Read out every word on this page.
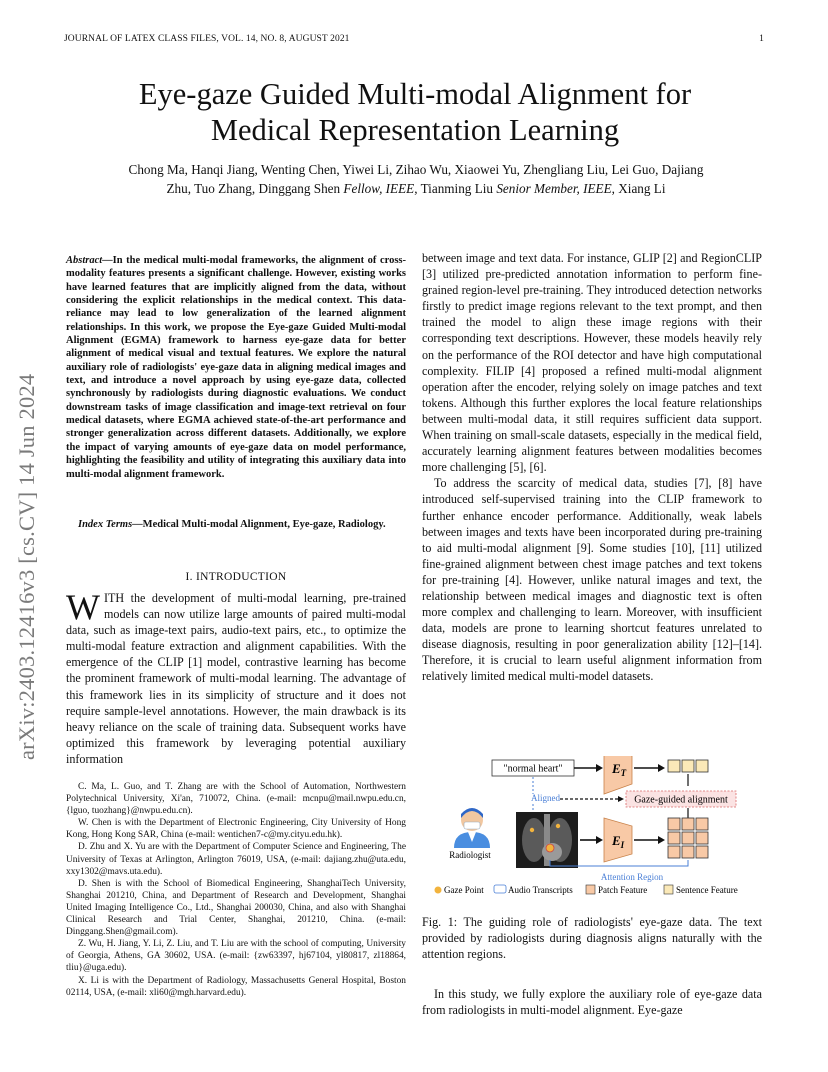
JOURNAL OF LATEX CLASS FILES, VOL. 14, NO. 8, AUGUST 2021	1
Eye-gaze Guided Multi-modal Alignment for
Medical Representation Learning
Chong Ma, Hanqi Jiang, Wenting Chen, Yiwei Li, Zihao Wu, Xiaowei Yu, Zhengliang Liu, Lei Guo, Dajiang
Zhu, Tuo Zhang, Dinggang Shen Fellow, IEEE, Tianming Liu Senior Member, IEEE, Xiang Li
arXiv:2403.12416v3 [cs.CV] 14 Jun 2024
Abstract—In the medical multi-modal frameworks, the alignment of cross-modality features presents a significant challenge. However, existing works have learned features that are implicitly aligned from the data, without considering the explicit relationships in the medical context. This data-reliance may lead to low generalization of the learned alignment relationships. In this work, we propose the Eye-gaze Guided Multi-modal Alignment (EGMA) framework to harness eye-gaze data for better alignment of medical visual and textual features. We explore the natural auxiliary role of radiologists' eye-gaze data in aligning medical images and text, and introduce a novel approach by using eye-gaze data, collected synchronously by radiologists during diagnostic evaluations. We conduct downstream tasks of image classification and image-text retrieval on four medical datasets, where EGMA achieved state-of-the-art performance and stronger generalization across different datasets. Additionally, we explore the impact of varying amounts of eye-gaze data on model performance, highlighting the feasibility and utility of integrating this auxiliary data into multi-modal alignment framework.
Index Terms—Medical Multi-modal Alignment, Eye-gaze, Radiology.
I. INTRODUCTION
WITH the development of multi-modal learning, pre-trained models can now utilize large amounts of paired multi-modal data, such as image-text pairs, audio-text pairs, etc., to optimize the multi-modal feature extraction and alignment capabilities. With the emergence of the CLIP [1] model, contrastive learning has become the prominent framework of multi-modal learning. The advantage of this framework lies in its simplicity of structure and it does not require sample-level annotations. However, the main drawback is its heavy reliance on the scale of training data. Subsequent works have optimized this framework by leveraging potential auxiliary information

C. Ma, L. Guo, and T. Zhang are with the School of Automation, Northwestern Polytechnical University, Xi'an, 710072, China. (e-mail: mcnpu@mail.nwpu.edu.cn, {lguo, tuozhang}@nwpu.edu.cn).

W. Chen is with the Department of Electronic Engineering, City University of Hong Kong, Hong Kong SAR, China (e-mail: wentichen7-c@my.cityu.edu.hk).

D. Zhu and X. Yu are with the Department of Computer Science and Engineering, The University of Texas at Arlington, Arlington 76019, USA, (e-mail: dajiang.zhu@uta.edu, xxy1302@mavs.uta.edu).

D. Shen is with the School of Biomedical Engineering, ShanghaiTech University, Shanghai 201210, China, and Department of Research and Development, Shanghai United Imaging Intelligence Co., Ltd., Shanghai 200030, China, and also with Shanghai Clinical Research and Trial Center, Shanghai, 201210, China. (e-mail: Dinggang.Shen@gmail.com).

Z. Wu, H. Jiang, Y. Li, Z. Liu, and T. Liu are with the school of computing, University of Georgia, Athens, GA 30602, USA. (e-mail: {zw63397, hj67104, yl80817, zl18864, tliu}@uga.edu).

X. Li is with the Department of Radiology, Massachusetts General Hospital, Boston 02114, USA, (e-mail: xli60@mgh.harvard.edu).

between image and text data. For instance, GLIP [2] and RegionCLIP [3] utilized pre-predicted annotation information to perform fine-grained region-level pre-training. They introduced detection networks firstly to predict image regions relevant to the text prompt, and then trained the model to align these image regions with their corresponding text descriptions. However, these models heavily rely on the performance of the ROI detector and have high computational complexity. FILIP [4] proposed a refined multi-modal alignment operation after the encoder, relying solely on image patches and text tokens. Although this further explores the local feature relationships between multi-modal data, it still requires sufficient data support. When training on small-scale datasets, especially in the medical field, accurately learning alignment features between modalities becomes more challenging [5], [6].

To address the scarcity of medical data, studies [7], [8] have introduced self-supervised training into the CLIP framework to further enhance encoder performance. Additionally, weak labels between images and texts have been incorporated during pre-training to aid multi-modal alignment [9]. Some studies [10], [11] utilized fine-grained alignment between chest image patches and text tokens for pre-training [4]. However, unlike natural images and text, the relationship between medical images and diagnostic text is often more complex and challenging to learn. Moreover, with insufficient data, models are prone to learning shortcut features unrelated to disease diagnosis, resulting in poor generalization ability [12]–[14]. Therefore, it is crucial to learn useful alignment information from relatively limited medical multi-model datasets.

"normal heart"	$E_T$
Aligned	Gaze-guided alignment
Radiologist
$E_I$
Attention Region
Gaze Point	Audio Transcripts	Patch Feature	Sentence Feature
Fig. 1: The guiding role of radiologists' eye-gaze data. The text provided by radiologists during diagnosis aligns naturally with the attention regions.

In this study, we fully explore the auxiliary role of eye-gaze data from radiologists in multi-model alignment. Eye-gaze
